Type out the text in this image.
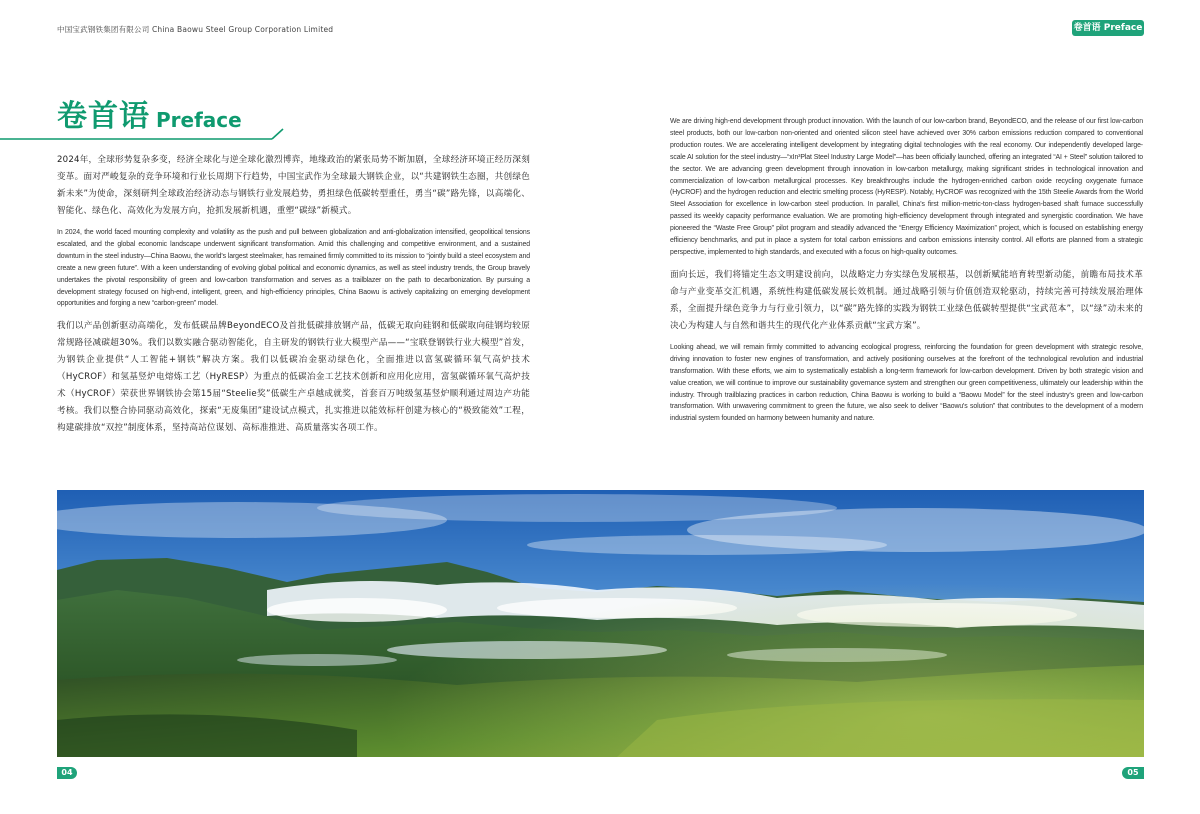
中国宝武钢铁集团有限公司 China Baowu Steel Group Corporation Limited	卷首语 Preface
卷首语 Preface

2024年，全球形势复杂多变，经济全球化与逆全球化激烈博弈，地缘政治的紧张局势不断加剧，全球经济环境正经历深刻变革。面对严峻复杂的竞争环境和行业长周期下行趋势，中国宝武作为全球最大钢铁企业，以“共建钢铁生态圈，共创绿色新未来”为使命，深刻研判全球政治经济动态与钢铁行业发展趋势，勇担绿色低碳转型重任，勇当“碳”路先锋，以高端化、智能化、绿色化、高效化为发展方向，抢抓发展新机遇，重塑“碳绿”新模式。

In 2024, the world faced mounting complexity and volatility as the push and pull between globalization and anti-globalization intensified, geopolitical tensions escalated, and the global economic landscape underwent significant transformation. Amid this challenging and competitive environment, and a sustained downturn in the steel industry—China Baowu, the world's largest steelmaker, has remained firmly committed to its mission to “jointly build a steel ecosystem and create a new green future”. With a keen understanding of evolving global political and economic dynamics, as well as steel industry trends, the Group bravely undertakes the pivotal responsibility of green and low-carbon transformation and serves as a trailblazer on the path to decarbonization. By pursuing a development strategy focused on high-end, intelligent, green, and high-efficiency principles, China Baowu is actively capitalizing on emerging development opportunities and forging a new “carbon-green” model.

我们以产品创新驱动高端化，发布低碳品牌BeyondECO及首批低碳排放钢产品，低碳无取向硅钢和低碳取向硅钢均较原常规路径减碳超30%。我们以数实融合驱动智能化，自主研发的钢铁行业大模型产品——“宝联登钢铁行业大模型”首发，为钢铁企业提供“人工智能+钢铁”解决方案。我们以低碳冶金驱动绿色化，全面推进以富氢碳循环氧气高炉技术（HyCROF）和氢基竖炉电熔炼工艺（HyRESP）为重点的低碳冶金工艺技术创新和应用化应用，富氢碳循环氧气高炉技术（HyCROF）荣获世界钢铁协会第15届“Steelie奖”低碳生产卓越成就奖，首套百万吨级氢基竖炉顺利通过周边产功能考核。我们以整合协同驱动高效化，探索“无废集团”建设试点模式，扎实推进以能效标杆创建为核心的“极致能效”工程，构建碳排放“双控”制度体系，坚持高站位谋划、高标准推进、高质量落实各项工作。

We are driving high-end development through product innovation. With the launch of our low-carbon brand, BeyondECO, and the release of our first low-carbon steel products, both our low-carbon non-oriented and oriented silicon steel have achieved over 30% carbon emissions reduction compared to conventional production routes. We are accelerating intelligent development by integrating digital technologies with the real economy. Our independently developed large-scale AI solution for the steel industry—“xIn³Plat Steel Industry Large Model”—has been officially launched, offering an integrated “AI + Steel” solution tailored to the sector. We are advancing green development through innovation in low-carbon metallurgy, making significant strides in technological innovation and commercialization of low-carbon metallurgical processes. Key breakthroughs include the hydrogen-enriched carbon oxide recycling oxygenate furnace (HyCROF) and the hydrogen reduction and electric smelting process (HyRESP). Notably, HyCROF was recognized with the 15th Steelie Awards from the World Steel Association for excellence in low-carbon steel production. In parallel, China's first million-metric-ton-class hydrogen-based shaft furnace successfully passed its weekly capacity performance evaluation. We are promoting high-efficiency development through integrated and synergistic coordination. We have pioneered the “Waste Free Group” pilot program and steadily advanced the “Energy Efficiency Maximization” project, which is focused on establishing energy efficiency benchmarks, and put in place a system for total carbon emissions and carbon emissions intensity control. All efforts are planned from a strategic perspective, implemented to high standards, and executed with a focus on high-quality outcomes.

面向长远，我们将锚定生态文明建设前向，以战略定力夯实绿色发展根基，以创新赋能培育转型新动能，前瞻布局技术革命与产业变革交汇机遇，系统性构建低碳发展长效机制。通过战略引领与价值创造双轮驱动，持续完善可持续发展治理体系，全面提升绿色竞争力与行业引领力，以“碳”路先锋的实践为钢铁工业绿色低碳转型提供“宝武范本”，以“绿”动未来的决心为构建人与自然和谐共生的现代化产业体系贡献“宝武方案”。

Looking ahead, we will remain firmly committed to advancing ecological progress, reinforcing the foundation for green development with strategic resolve, driving innovation to foster new engines of transformation, and actively positioning ourselves at the forefront of the technological revolution and industrial transformation. With these efforts, we aim to systematically establish a long-term framework for low-carbon development. Driven by both strategic vision and value creation, we will continue to improve our sustainability governance system and strengthen our green competitiveness, ultimately our leadership within the industry. Through trailblazing practices in carbon reduction, China Baowu is working to build a “Baowu Model” for the steel industry's green and low-carbon transformation. With unwavering commitment to green the future, we also seek to deliver “Baowu's solution” that contributes to the development of a modern industrial system founded on harmony between humanity and nature.

04	05
